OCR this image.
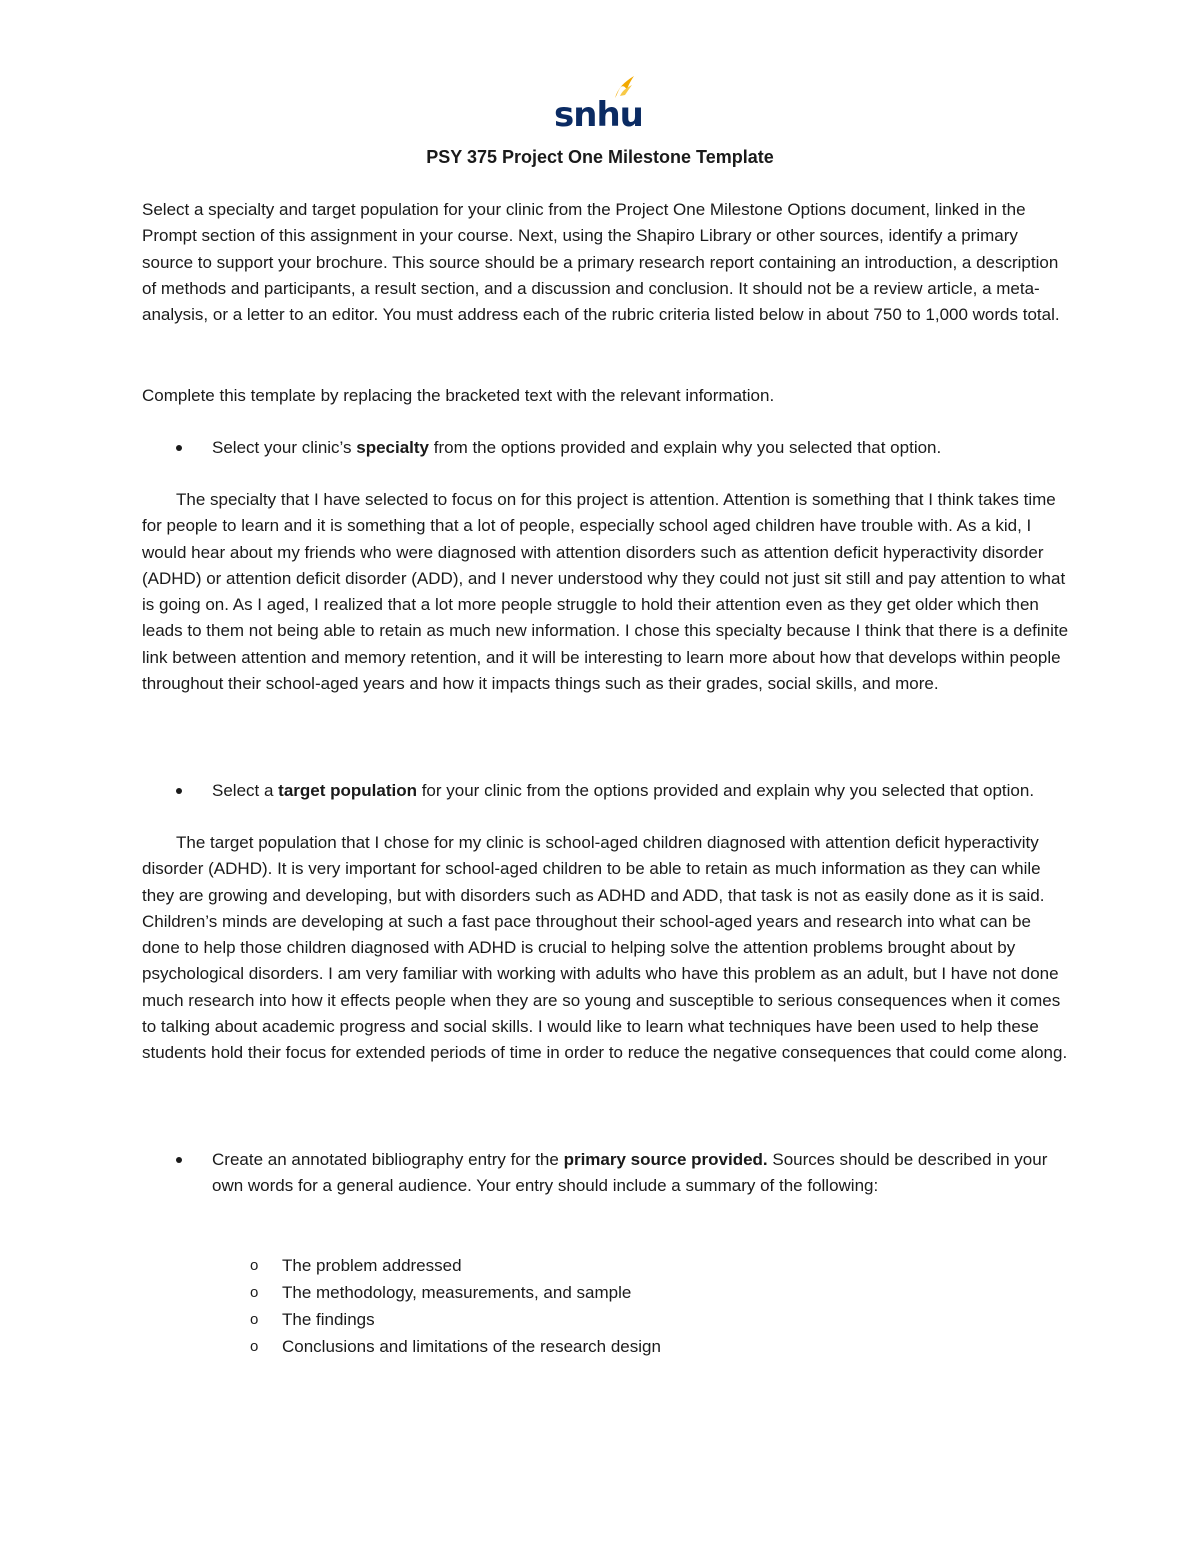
snhu
PSY 375 Project One Milestone Template

Select a specialty and target population for your clinic from the Project One Milestone Options document, linked in the Prompt section of this assignment in your course. Next, using the Shapiro Library or other sources, identify a primary source to support your brochure. This source should be a primary research report containing an introduction, a description of methods and participants, a result section, and a discussion and conclusion. It should not be a review article, a meta-analysis, or a letter to an editor. You must address each of the rubric criteria listed below in about 750 to 1,000 words total.

Complete this template by replacing the bracketed text with the relevant information.

Select your clinic’s specialty from the options provided and explain why you selected that option.

The specialty that I have selected to focus on for this project is attention. Attention is something that I think takes time for people to learn and it is something that a lot of people, especially school aged children have trouble with. As a kid, I would hear about my friends who were diagnosed with attention disorders such as attention deficit hyperactivity disorder (ADHD) or attention deficit disorder (ADD), and I never understood why they could not just sit still and pay attention to what is going on. As I aged, I realized that a lot more people struggle to hold their attention even as they get older which then leads to them not being able to retain as much new information. I chose this specialty because I think that there is a definite link between attention and memory retention, and it will be interesting to learn more about how that develops within people throughout their school-aged years and how it impacts things such as their grades, social skills, and more.

Select a target population for your clinic from the options provided and explain why you selected that option.

The target population that I chose for my clinic is school-aged children diagnosed with attention deficit hyperactivity disorder (ADHD). It is very important for school-aged children to be able to retain as much information as they can while they are growing and developing, but with disorders such as ADHD and ADD, that task is not as easily done as it is said. Children’s minds are developing at such a fast pace throughout their school-aged years and research into what can be done to help those children diagnosed with ADHD is crucial to helping solve the attention problems brought about by psychological disorders. I am very familiar with working with adults who have this problem as an adult, but I have not done much research into how it effects people when they are so young and susceptible to serious consequences when it comes to talking about academic progress and social skills. I would like to learn what techniques have been used to help these students hold their focus for extended periods of time in order to reduce the negative consequences that could come along.

Create an annotated bibliography entry for the primary source provided. Sources should be described in your own words for a general audience. Your entry should include a summary of the following:
o The problem addressed
o The methodology, measurements, and sample
o The findings
o Conclusions and limitations of the research design
